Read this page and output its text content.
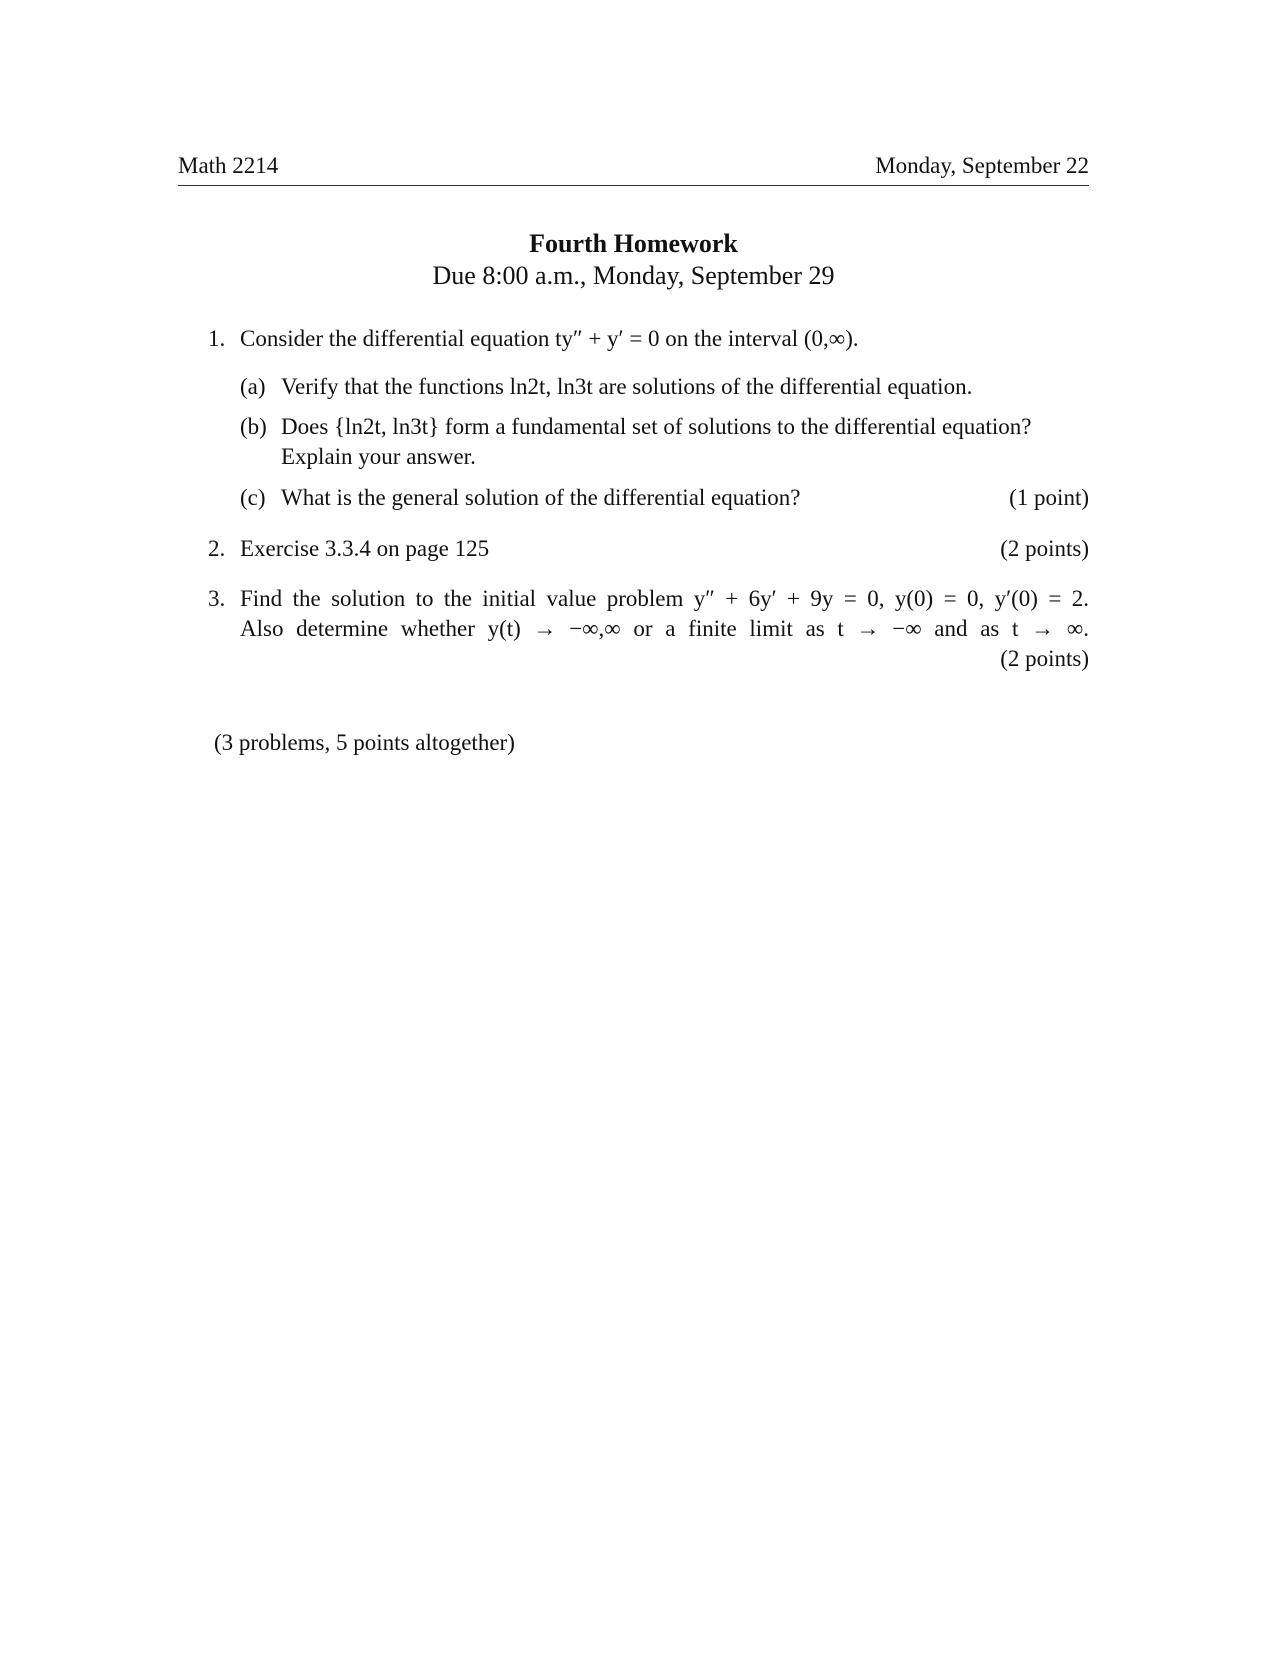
Math 2214	Monday, September 22
Fourth Homework
Due 8:00 a.m., Monday, September 29
1. Consider the differential equation ty″ + y′ = 0 on the interval (0,∞).
(a) Verify that the functions ln2t, ln3t are solutions of the differential equation.
(b) Does {ln2t, ln3t} form a fundamental set of solutions to the differential equation?
Explain your answer.
(c) What is the general solution of the differential equation?	(1 point)
2. Exercise 3.3.4 on page 125	(2 points)
3. Find the solution to the initial value problem y″ + 6y′ + 9y = 0, y(0) = 0, y′(0) = 2.
Also determine whether y(t) → −∞,∞ or a finite limit as t → −∞ and as t → ∞.
(2 points)
(3 problems, 5 points altogether)
